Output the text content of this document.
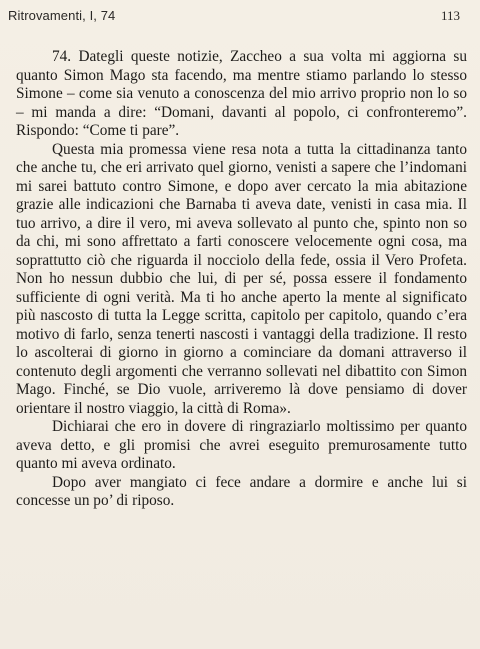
Ritrovamenti, I, 74	113

74. Dategli queste notizie, Zaccheo a sua volta mi aggiorna su quanto Simon Mago sta facendo, ma mentre stiamo parlando lo stesso Simone – come sia venuto a conoscenza del mio arrivo proprio non lo so – mi manda a dire: “Domani, davanti al popolo, ci confronteremo”. Rispondo: “Come ti pare”.

Questa mia promessa viene resa nota a tutta la cittadinanza tanto che anche tu, che eri arrivato quel giorno, venisti a sapere che l’indomani mi sarei battuto contro Simone, e dopo aver cercato la mia abitazione grazie alle indicazioni che Barnaba ti aveva date, venisti in casa mia. Il tuo arrivo, a dire il vero, mi aveva sollevato al punto che, spinto non so da chi, mi sono affrettato a farti conoscere velocemente ogni cosa, ma soprattutto ciò che riguarda il nocciolo della fede, ossia il Vero Profeta. Non ho nessun dubbio che lui, di per sé, possa essere il fondamento sufficiente di ogni verità. Ma ti ho anche aperto la mente al significato più nascosto di tutta la Legge scritta, capitolo per capitolo, quando c’era motivo di farlo, senza tenerti nascosti i vantaggi della tradizione. Il resto lo ascolterai di giorno in giorno a cominciare da domani attraverso il contenuto degli argomenti che verranno sollevati nel dibattito con Simon Mago. Finché, se Dio vuole, arriveremo là dove pensiamo di dover orientare il nostro viaggio, la città di Roma».

Dichiarai che ero in dovere di ringraziarlo moltissimo per quanto aveva detto, e gli promisi che avrei eseguito premurosamente tutto quanto mi aveva ordinato.

Dopo aver mangiato ci fece andare a dormire e anche lui si concesse un po’ di riposo.
